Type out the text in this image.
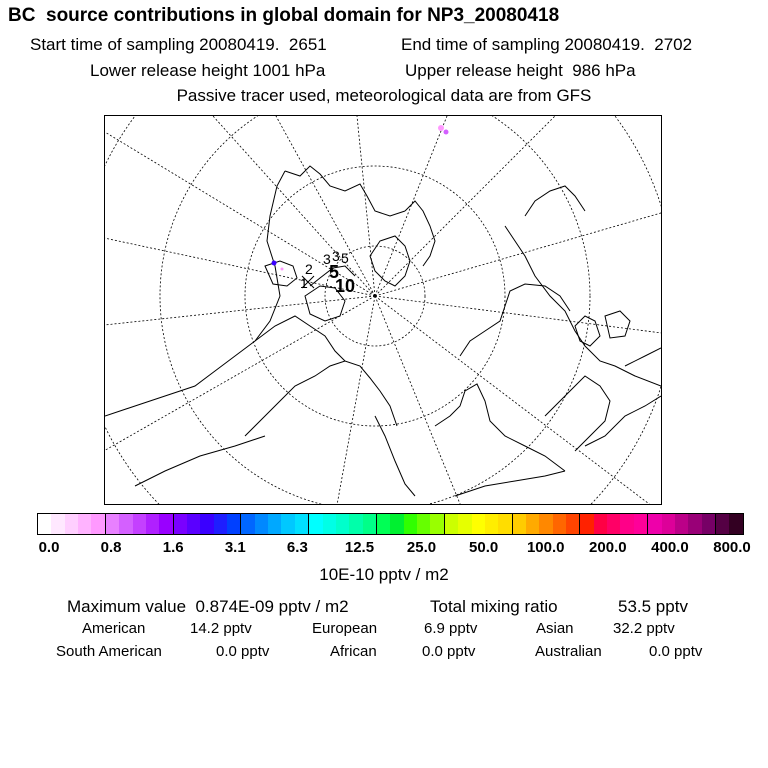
BC  source contributions in global domain for NP3_20080418
Start time of sampling 20080419.  2651	End time of sampling 20080419.  2702
Lower release height 1001 hPa	Upper release height  986 hPa
Passive tracer used, meteorological data are from GFS
3 3 5
1
2 5
10
0.0	0.8	1.6	3.1	6.3 12.5 25.0 50.0 100.0 200.0 400.0 800.0
10E-10 pptv / m2
Maximum value  0.874E-09 pptv / m2	Total mixing ratio	53.5 pptv
American	14.2 pptv	European	6.9 pptv	Asian	32.2 pptv
South American	0.0 pptv	African	0.0 pptv	Australian	0.0 pptv
